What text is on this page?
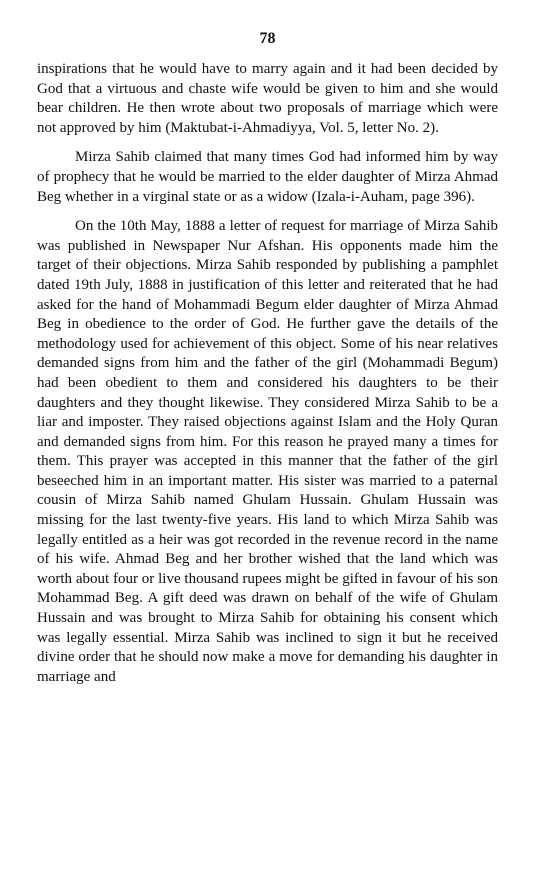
78

inspirations that he would have to marry again and it had been decided by God that a virtuous and chaste wife would be given to him and she would bear children. He then wrote about two proposals of marriage which were not approved by him (Maktubat-i-Ahmadiyya, Vol. 5, letter No. 2).

Mirza Sahib claimed that many times God had informed him by way of prophecy that he would be married to the elder daughter of Mirza Ahmad Beg whether in a virginal state or as a widow (Izala-i-Auham, page 396).

On the 10th May, 1888 a letter of request for marriage of Mirza Sahib was published in Newspaper Nur Afshan. His opponents made him the target of their objections. Mirza Sahib responded by publishing a pamphlet dated 19th July, 1888 in justification of this letter and reiterated that he had asked for the hand of Mohammadi Begum elder daughter of Mirza Ahmad Beg in obedience to the order of God. He further gave the details of the methodology used for achievement of this object. Some of his near relatives demanded signs from him and the father of the girl (Mohammadi Begum) had been obedient to them and considered his daughters to be their daughters and they thought likewise. They considered Mirza Sahib to be a liar and imposter. They raised objections against Islam and the Holy Quran and demanded signs from him. For this reason he prayed many a times for them. This prayer was accepted in this manner that the father of the girl beseeched him in an important matter. His sister was married to a paternal cousin of Mirza Sahib named Ghulam Hussain. Ghulam Hussain was missing for the last twenty-five years. His land to which Mirza Sahib was legally entitled as a heir was got recorded in the revenue record in the name of his wife. Ahmad Beg and her brother wished that the land which was worth about four or live thousand rupees might be gifted in favour of his son Mohammad Beg. A gift deed was drawn on behalf of the wife of Ghulam Hussain and was brought to Mirza Sahib for obtaining his consent which was legally essential. Mirza Sahib was inclined to sign it but he received divine order that he should now make a move for demanding his daughter in marriage and
